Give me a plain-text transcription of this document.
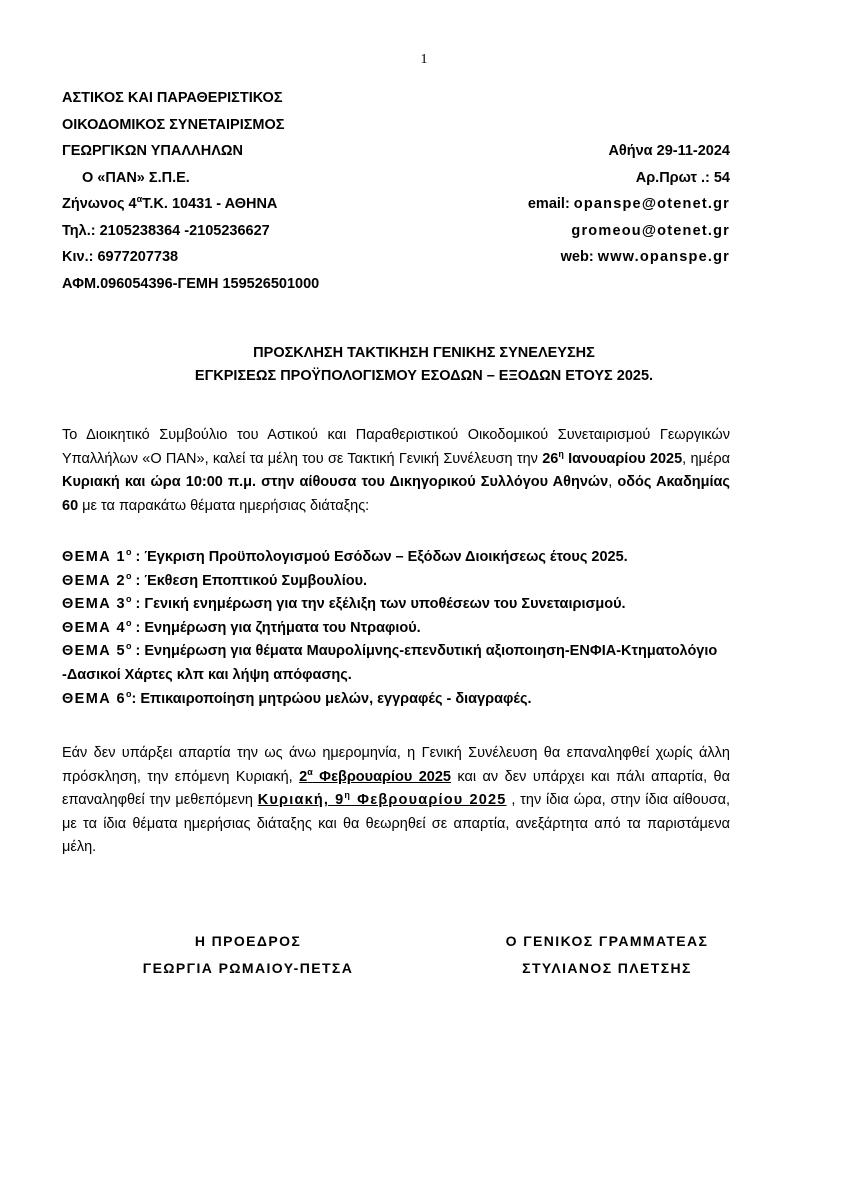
1
ΑΣΤΙΚΟΣ ΚΑΙ ΠΑΡΑΘΕΡΙΣΤΙΚΟΣ
ΟΙΚΟΔΟΜΙΚΟΣ ΣΥΝΕΤΑΙΡΙΣΜΟΣ
ΓΕΩΡΓΙΚΩΝ ΥΠΑΛΛΗΛΩΝ
Ο «ΠΑΝ» Σ.Π.Ε.
Ζήνωνος $4^\alpha T.K$. 10431 - ΑΘΗΝΑ
Τηλ.: 2105238364 -2105236627
Κιν.: 6977207738
ΑΦΜ.096054396-ΓΕΜΗ 159526501000
Αθήνα 29-11-2024
Αρ.Πρωτ .: 54
email: opanspe@otenet.gr
gromeou@otenet.gr
web: www.opanspe.gr
ΠΡΟΣΚΛΗΣΗ ΤΑΚΤΙΚΗΣΗ ΓΕΝΙΚΗΣ ΣΥΝΕΛΕΥΣΗΣ
ΕΓΚΡΙΣΕΩΣ ΠΡΟΫΠΟΛΟΓΙΣΜΟΥ ΕΣΟΔΩΝ – ΕΞΟΔΩΝ ΕΤΟΥΣ 2025.
Το Διοικητικό Συμβούλιο του Αστικού και Παραθεριστικού Οικοδομικού Συνεταιρισμού Γεωργικών Υπαλλήλων «Ο ΠΑΝ», καλεί τα μέλη του σε Τακτική Γενική Συνέλευση την $26^\eta$ Ιανουαρίου 2025, ημέρα Κυριακή και ώρα 10:00 π.μ. στην αίθουσα του Δικηγορικού Συλλόγου Αθηνών, οδός Ακαδημίας 60 με τα παρακάτω θέματα ημερήσιας διάταξης:
ΘΕΜΑ $1^o$ : Έγκριση Προϋπολογισμού Εσόδων – Εξόδων Διοικήσεως έτους 2025.
ΘΕΜΑ $2^o$ : Έκθεση Εποπτικού Συμβουλίου.
ΘΕΜΑ $3^o$ : Γενική ενημέρωση για την εξέλιξη των υποθέσεων του Συνεταιρισμού.
ΘΕΜΑ $4^o$ : Ενημέρωση για ζητήματα του Ντραφιού.
ΘΕΜΑ $5^o$ : Ενημέρωση για θέματα Μαυρολίμνης-επενδυτική αξιοποιηση-ΕΝΦΙΑ-Κτηματολόγιο
-Δασικοί Χάρτες κλπ και λήψη απόφασης.
ΘΕΜΑ $6^o$: Επικαιροποίηση μητρώου μελών, εγγραφές - διαγραφές.
Εάν δεν υπάρξει απαρτία την ως άνω ημερομηνία, η Γενική Συνέλευση θα επαναληφθεί χωρίς άλλη πρόσκληση, την επόμενη Κυριακή, $2^\alpha$ Φεβρουαρίου 2025 και αν δεν υπάρχει και πάλι απαρτία, θα επαναληφθεί την μεθεπόμενη Κυριακή, $9^\eta$ Φεβρουαρίου 2025 , την ίδια ώρα, στην ίδια αίθουσα, με τα ίδια θέματα ημερήσιας διάταξης και θα θεωρηθεί σε απαρτία, ανεξάρτητα από τα παριστάμενα μέλη.
Η ΠΡΟΕΔΡΟΣ
ΓΕΩΡΓΙΑ ΡΩΜΑΙΟΥ-ΠΕΤΣΑ
Ο ΓΕΝΙΚΟΣ ΓΡΑΜΜΑΤΕΑΣ
ΣΤΥΛΙΑΝΟΣ ΠΛΕΤΣΗΣ
